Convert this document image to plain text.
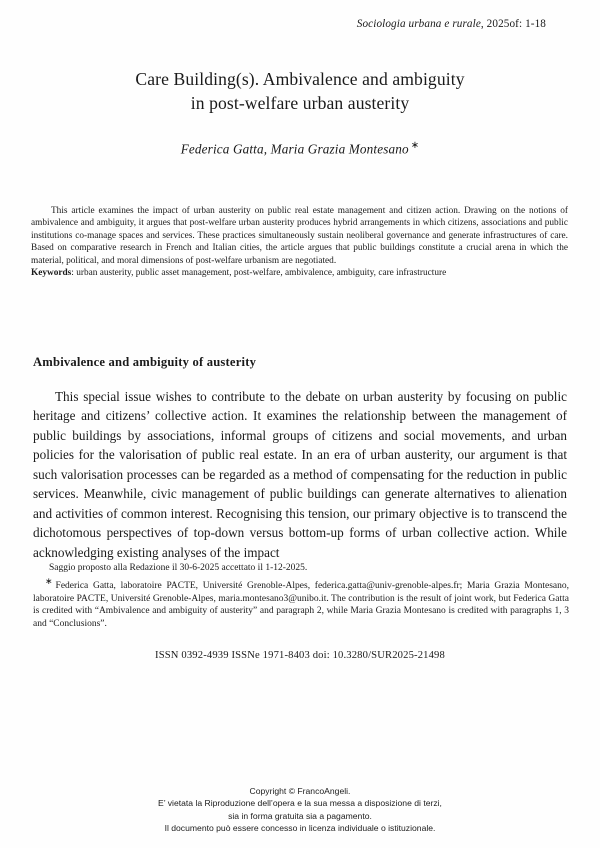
Sociologia urbana e rurale, 2025of: 1-18
Care Building(s). Ambivalence and ambiguity
in post-welfare urban austerity
Federica Gatta, Maria Grazia Montesano ∗

This article examines the impact of urban austerity on public real estate management and citizen action. Drawing on the notions of ambivalence and ambiguity, it argues that post-welfare urban austerity produces hybrid arrangements in which citizens, associations and public institutions co-manage spaces and services. These practices simultaneously sustain neoliberal governance and generate infrastructures of care. Based on comparative research in French and Italian cities, the article argues that public buildings constitute a crucial arena in which the material, political, and moral dimensions of post-welfare urbanism are negotiated.

Keywords: urban austerity, public asset management, post-welfare, ambivalence, ambiguity, care infrastructure

Ambivalence and ambiguity of austerity

This special issue wishes to contribute to the debate on urban austerity by focusing on public heritage and citizens’ collective action. It examines the relationship between the management of public buildings by associations, informal groups of citizens and social movements, and urban policies for the valorisation of public real estate. In an era of urban austerity, our argument is that such valorisation processes can be regarded as a method of compensating for the reduction in public services. Meanwhile, civic management of public buildings can generate alternatives to alienation and activities of common interest. Recognising this tension, our primary objective is to transcend the dichotomous perspectives of top-down versus bottom-up forms of urban collective action. While acknowledging existing analyses of the impact

Saggio proposto alla Redazione il 30-6-2025 accettato il 1-12-2025.

∗Federica Gatta, laboratoire PACTE, Université Grenoble-Alpes, federica.gatta@univ-grenoble-alpes.fr; Maria Grazia Montesano, laboratoire PACTE, Université Grenoble-Alpes, maria.montesano3@unibo.it. The contribution is the result of joint work, but Federica Gatta is credited with “Ambivalence and ambiguity of austerity” and paragraph 2, while Maria Grazia Montesano is credited with paragraphs 1, 3 and “Conclusions”.

ISSN 0392-4939 ISSNe 1971-8403 doi: 10.3280/SUR2025-21498
Copyright © FrancoAngeli.
E’ vietata la Riproduzione dell’opera e la sua messa a disposizione di terzi,
sia in forma gratuita sia a pagamento.
Il documento può essere concesso in licenza individuale o istituzionale.
